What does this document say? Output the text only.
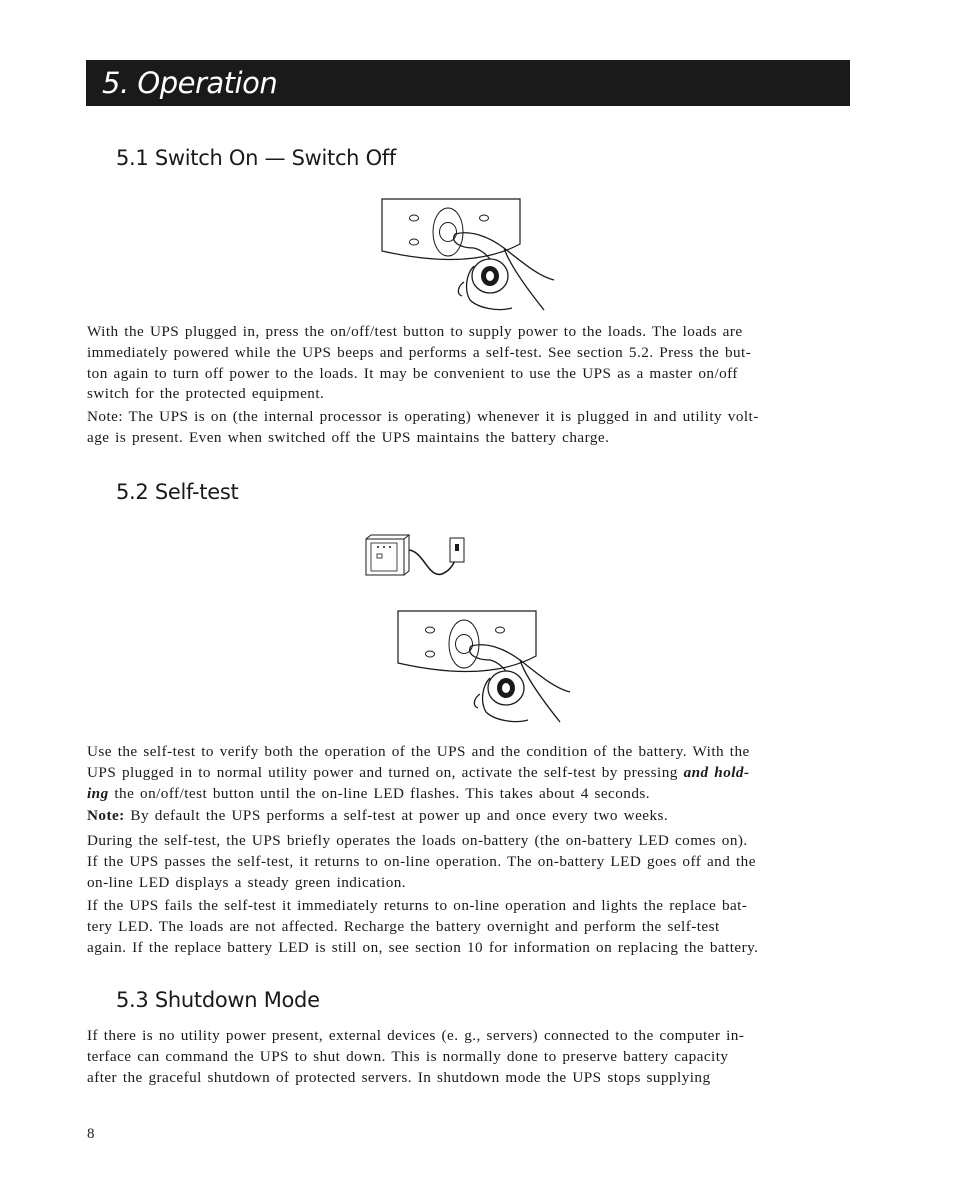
5. Operation
5.1 Switch On — Switch Off
With the UPS plugged in, press the on/off/test button to supply power to the loads. The loads are
immediately powered while the UPS beeps and performs a self-test. See section 5.2. Press the but-
ton again to turn off power to the loads. It may be convenient to use the UPS as a master on/off
switch for the protected equipment.
Note: The UPS is on (the internal processor is operating) whenever it is plugged in and utility volt-
age is present. Even when switched off the UPS maintains the battery charge.
5.2 Self-test
Use the self-test to verify both the operation of the UPS and the condition of the battery. With the
UPS plugged in to normal utility power and turned on, activate the self-test by pressing and hold-
ing the on/off/test button until the on-line LED flashes. This takes about 4 seconds.
Note: By default the UPS performs a self-test at power up and once every two weeks.
During the self-test, the UPS briefly operates the loads on-battery (the on-battery LED comes on).
If the UPS passes the self-test, it returns to on-line operation. The on-battery LED goes off and the
on-line LED displays a steady green indication.
If the UPS fails the self-test it immediately returns to on-line operation and lights the replace bat-
tery LED. The loads are not affected. Recharge the battery overnight and perform the self-test
again. If the replace battery LED is still on, see section 10 for information on replacing the battery.
5.3 Shutdown Mode
If there is no utility power present, external devices (e. g., servers) connected to the computer in-
terface can command the UPS to shut down. This is normally done to preserve battery capacity
after the graceful shutdown of protected servers. In shutdown mode the UPS stops supplying

8
